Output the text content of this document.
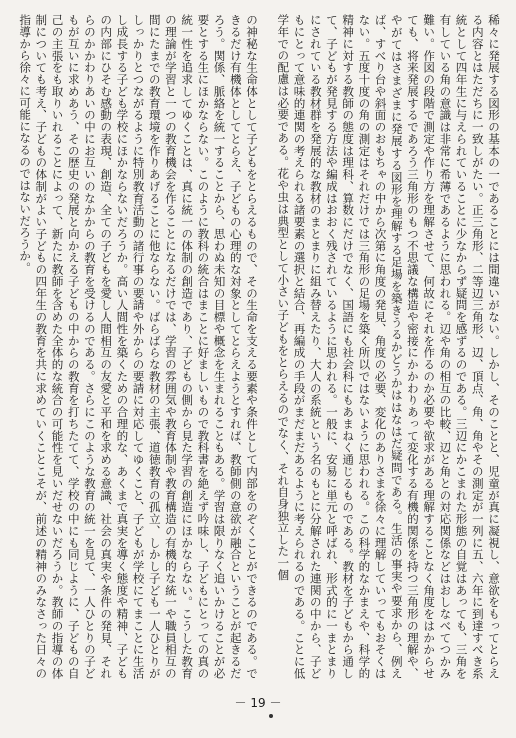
稀々に発展する図形の基本の一であることには間違いがない。しかし、そのことと、児童が真に凝視し、意欲をもってとらえる内容とはただちに一致しがたい。正三角形、二等辺三角形、辺、頂点、角、角やその測定が一列に五、六年に到達すべき系統として四年生に与えられていることに少なからず疑問を感ずるのである。三辺にかこまれた形態の自覚はあっても、三角を有している角の意識は非常に希薄であるように思われる。辺や角の相互の比較、辺と角との対応関係などはおしなべてつかみ難い。作図の段階で測定や作り方を理解させて、何故にそれを作るのか必要や欲求がある理解することなく角度をはかからせても、将来発展するであろう三角形のもつ不思議な構造や密接にかかわりあって変化する有機的関係を持つ三角形の理解や、やがてはさまざまに発展する図形を理解する足場を築きうるかどうかははなはだ疑問である。生活の事実や要求から、例えば、すべり台や斜面のおもちゃの中から次第に角度の発見、角度の必要、変化のありさまを徐々に理解していってもおそくはない。五度十度の角の測定はそれだけでは三角形の足場を築く所以ではないように思われる。この科学的なかまえや、科学的精神に対する教師の態度は理科、算数にだけでなく、国語にも社会科にもあまねく通じるものである。教材を子どもから通して、子どもが発見する方法や編成はおおく残されているように思われる。一般に、安易に単元と呼ばれ、形式的に一まとまりにされている教材群を発展的な教材のまとまりに組み替えたり、大人の系統という名のもとに分解された連関の中から、子どもにとって意味的連関の考えられる諸要素の選択と結合、再編成の手段がまだまだあるように考えられるのである。ことに低学年での配慮は必要である。花や虫は典型として小さい子どもをとらえるのでなく、それ自身独立した一個
の神秘な生命体として子どもをとらえるもので、その生命を支える要素や条件として内部をのぞくことができるのである。できるだけ有機体としてとらえ、子どもの心理的な対象としてとらえようとすれば、教師側の意欲が融合ということが起きるだろう。関係、脈絡を統一することから、思わぬ未知の目標や概念を生まれることもある。学習は限りなく追いかけることが必要とする生にほかならない。このように教科の統合はまことに好ましいもので教科書を絶えず吟味し、子どもにとっての真の統一性を追求してゆくことは、真に統一の体制の創造であり、子どもの側から見た学習の創造にほかならない。こうした教育の理論が学習と一つの教育機会を作ることになるだけでは、学習の雰囲気や教育体制や教育構造の有機的な統一や職員相互の間にたまでの教育環境を作りあげることに他ならない。ばらばらな教材の主張、道徳教育の孤立、しかし子ども一人ひとりがしっかりとつながるように特別教育活動の諸行事の要請や外からの要請に対応してゆくこと、子どもが学校にてまことに生活し成長する子ども学校にほかならないだろうか。高い人間性を築くための合理的な、あくまで真実を導く態度や精神、子どもの内部にひそむ感動の表現、創造、全ての子どもを愛し人間相互の友愛と平和を求める意識、社会の真実や条件の発見、それらのかかわりあいの中にお互いのなかからの教育を受けるのである。さらにこのような教育の統一を見て、一人ひとりの子どもが互いに求めあう、その歴史の発展と向かえる子どもの中からの教育を打ちたてて、学校の中にも同じように、子どもの自己の主張をも取りいれることによって、新たに教師を含めた全体的な統合の可能性を見いだせないだろうか。教師の指導の体制についても考え、子どもの体制がよい子どもの四年生の教育を共に求めていくことこそが、前述の精神のみなさった日々の指導から徐々に可能になるのではないだろうか。
－ 19 －
